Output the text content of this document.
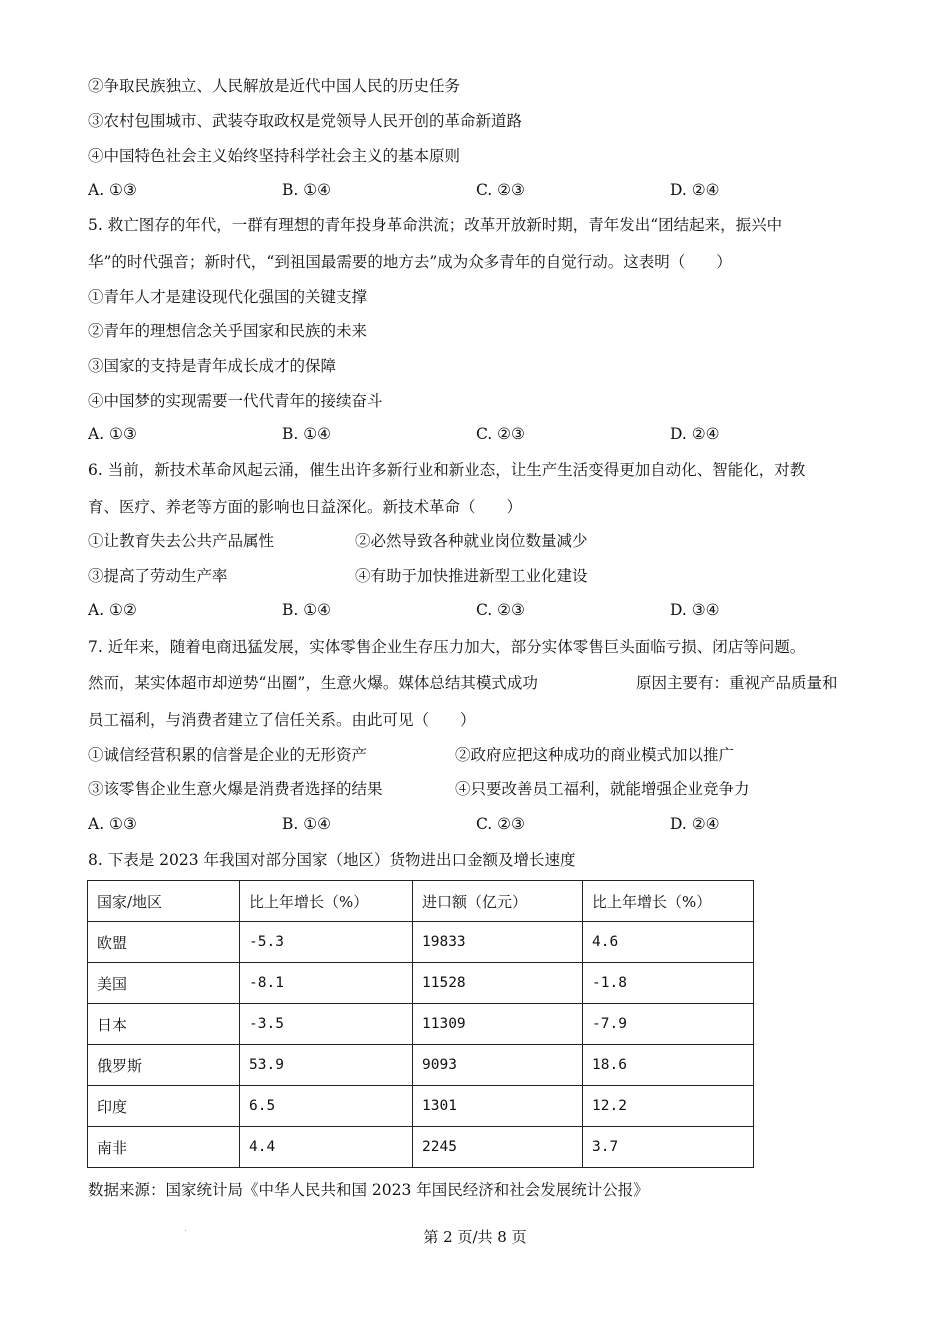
②争取民族独立、人民解放是近代中国人民的历史任务
③农村包围城市、武装夺取政权是党领导人民开创的革命新道路
④中国特色社会主义始终坚持科学社会主义的基本原则
A. ①③	B. ①④	C. ②③	D. ②④
5. 救亡图存的年代，一群有理想的青年投身革命洪流；改革开放新时期，青年发出“团结起来，振兴中
华”的时代强音；新时代，“到祖国最需要的地方去”成为众多青年的自觉行动。这表明（　　）
①青年人才是建设现代化强国的关键支撑
②青年的理想信念关乎国家和民族的未来
③国家的支持是青年成长成才的保障
④中国梦的实现需要一代代青年的接续奋斗
A. ①③	B. ①④	C. ②③	D. ②④
6. 当前，新技术革命风起云涌，催生出许多新行业和新业态，让生产生活变得更加自动化、智能化，对教
育、医疗、养老等方面的影响也日益深化。新技术革命（　　）
①让教育失去公共产品属性	②必然导致各种就业岗位数量减少
③提高了劳动生产率	④有助于加快推进新型工业化建设
A. ①②	B. ①④	C. ②③	D. ③④
7. 近年来，随着电商迅猛发展，实体零售企业生存压力加大，部分实体零售巨头面临亏损、闭店等问题。
然而，某实体超市却逆势“出圈”，生意火爆。媒体总结其模式成功	原因主要有：重视产品质量和
员工福利，与消费者建立了信任关系。由此可见（　　）
①诚信经营积累的信誉是企业的无形资产	②政府应把这种成功的商业模式加以推广
③该零售企业生意火爆是消费者选择的结果	④只要改善员工福利，就能增强企业竞争力
A. ①③	B. ①④	C. ②③	D. ②④
8. 下表是 2023 年我国对部分国家（地区）货物进出口金额及增长速度
国家/地区	比上年增长（%）	进口额（亿元）	比上年增长（%）
欧盟	-5.3	19833	4.6
美国	-8.1	11528	-1.8
日本	-3.5	11309	-7.9
俄罗斯	53.9	9093	18.6
印度	6.5	1301	12.2
南非	4.4	2245	3.7
数据来源：国家统计局《中华人民共和国 2023 年国民经济和社会发展统计公报》
第 2 页/共 8 页
